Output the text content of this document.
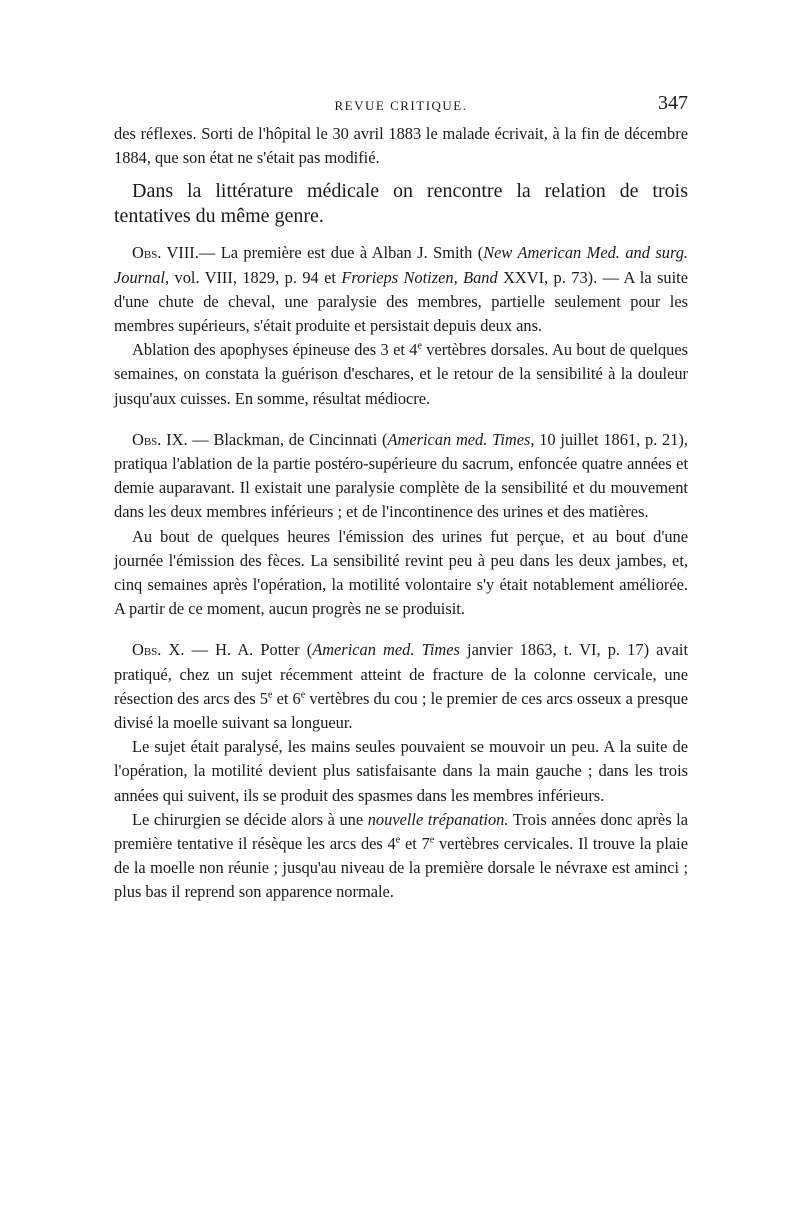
REVUE CRITIQUE.	347

des réflexes. Sorti de l'hôpital le 30 avril 1883 le malade écrivait, à la fin de décembre 1884, que son état ne s'était pas modifié.

Dans la littérature médicale on rencontre la relation de trois tentatives du même genre.

Obs. VIII.— La première est due à Alban J. Smith (New American Med. and surg. Journal, vol. VIII, 1829, p. 94 et Frorieps Notizen, Band XXVI, p. 73). — A la suite d'une chute de cheval, une paralysie des membres, partielle seulement pour les membres supérieurs, s'était produite et persistait depuis deux ans.

Ablation des apophyses épineuse des 3 et 4e vertèbres dorsales. Au bout de quelques semaines, on constata la guérison d'eschares, et le retour de la sensibilité à la douleur jusqu'aux cuisses. En somme, résultat médiocre.

Obs. IX. — Blackman, de Cincinnati (American med. Times, 10 juillet 1861, p. 21), pratiqua l'ablation de la partie postéro-supérieure du sacrum, enfoncée quatre années et demie auparavant. Il existait une paralysie complète de la sensibilité et du mouvement dans les deux membres inférieurs ; et de l'incontinence des urines et des matières.

Au bout de quelques heures l'émission des urines fut perçue, et au bout d'une journée l'émission des fèces. La sensibilité revint peu à peu dans les deux jambes, et, cinq semaines après l'opération, la motilité volontaire s'y était notablement améliorée. A partir de ce moment, aucun progrès ne se produisit.

Obs. X. — H. A. Potter (American med. Times janvier 1863, t. VI, p. 17) avait pratiqué, chez un sujet récemment atteint de fracture de la colonne cervicale, une résection des arcs des 5e et 6e vertèbres du cou ; le premier de ces arcs osseux a presque divisé la moelle suivant sa longueur.

Le sujet était paralysé, les mains seules pouvaient se mouvoir un peu. A la suite de l'opération, la motilité devient plus satisfaisante dans la main gauche ; dans les trois années qui suivent, ils se produit des spasmes dans les membres inférieurs.

Le chirurgien se décide alors à une nouvelle trépanation. Trois années donc après la première tentative il résèque les arcs des 4e et 7e vertèbres cervicales. Il trouve la plaie de la moelle non réunie ; jusqu'au niveau de la première dorsale le névraxe est aminci ; plus bas il reprend son apparence normale.
